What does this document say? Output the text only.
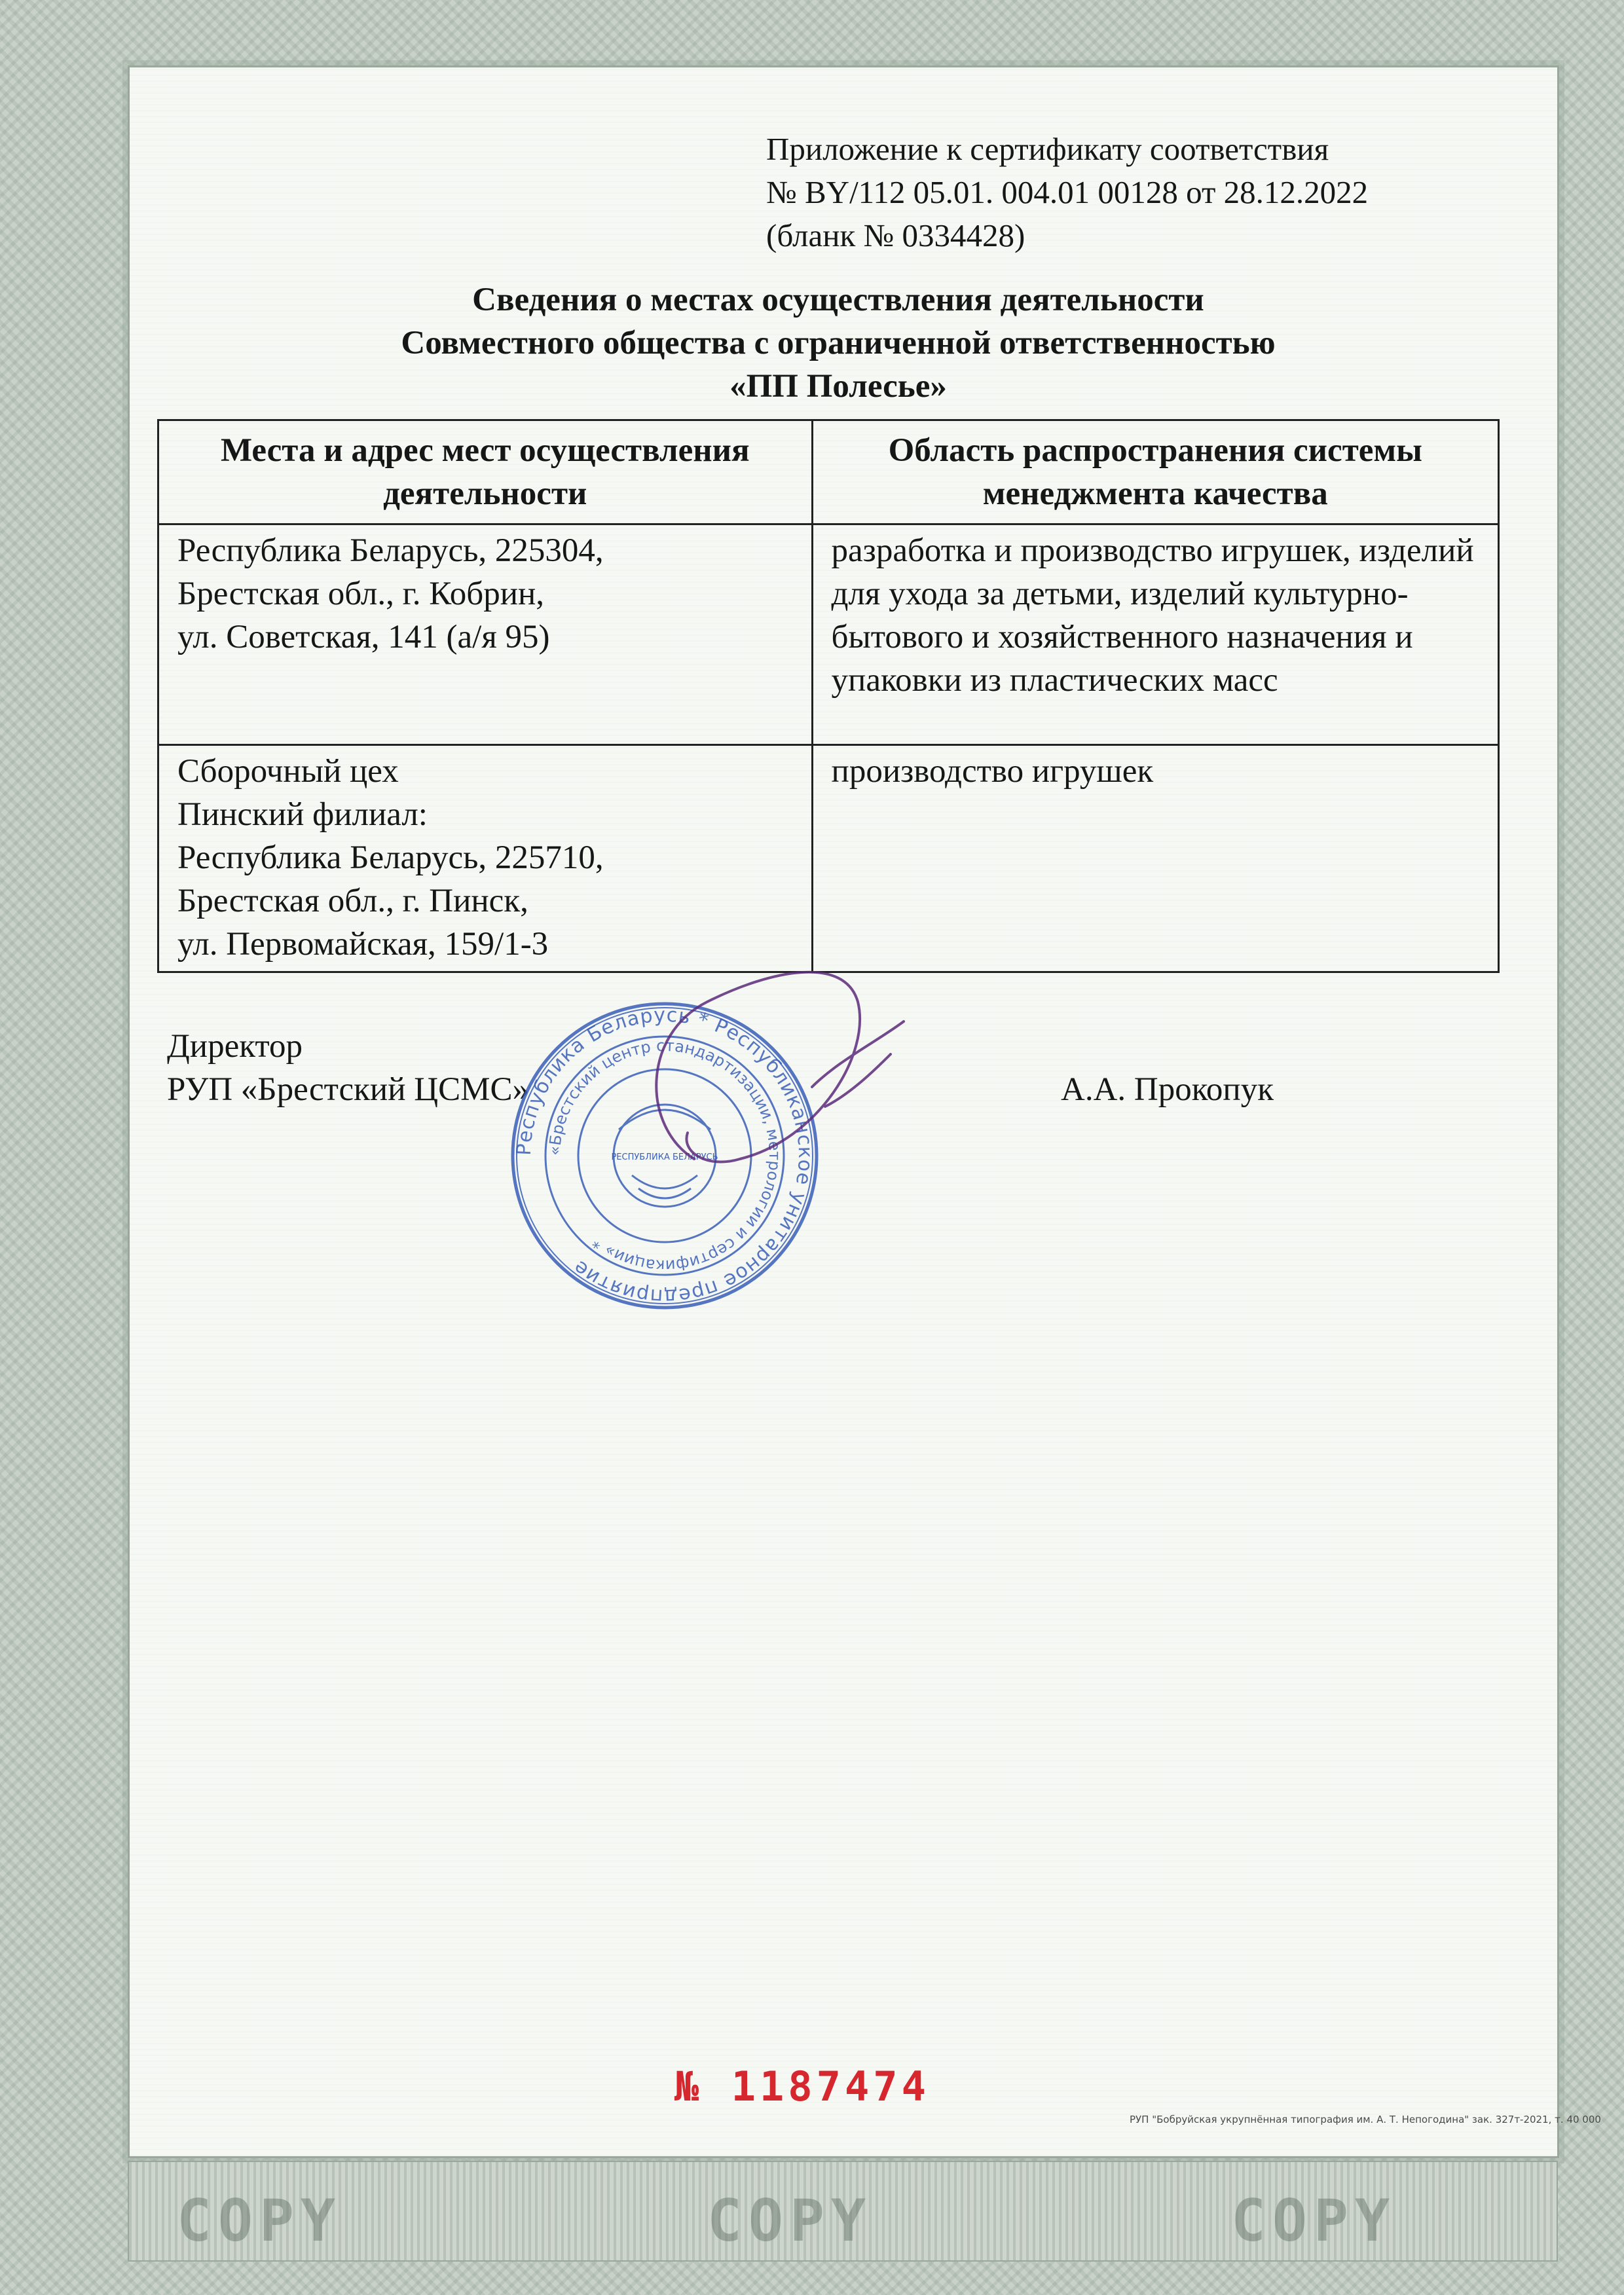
COPY	COPY	COPY
Приложение к сертификату соответствия
№ BY/112 05.01. 004.01 00128 от 28.12.2022
(бланк № 0334428)
Сведения о местах осуществления деятельности
Совместного общества с ограниченной ответственностью
«ПП Полесье»
Места и адрес мест осуществления деятельности	Область распространения системы менеджмента качества

Республика Беларусь, 225304,
Брестская обл., г. Кобрин,
ул. Советская, 141 (а/я 95)	разработка и производство игрушек, изделий для ухода за детьми, изделий культурно-бытового и хозяйственного назначения и упаковки из пластических масс

Сборочный цех
Пинский филиал:
Республика Беларусь, 225710,
Брестская обл., г. Пинск,
ул. Первомайская, 159/1-3	производство игрушек
Директор
РУП «Брестский ЦСМС»	А.А. Прокопук
Республика Беларусь * Республиканское унитарное предприятие
«Брестский центр стандартизации, метрологии и сертификации» *
РЕСПУБЛИКА БЕЛАРУСЬ
№ 1187474
РУП "Бобруйская укрупнённая типография им. А. Т. Непогодина" зак. 327т-2021, т. 40 000
